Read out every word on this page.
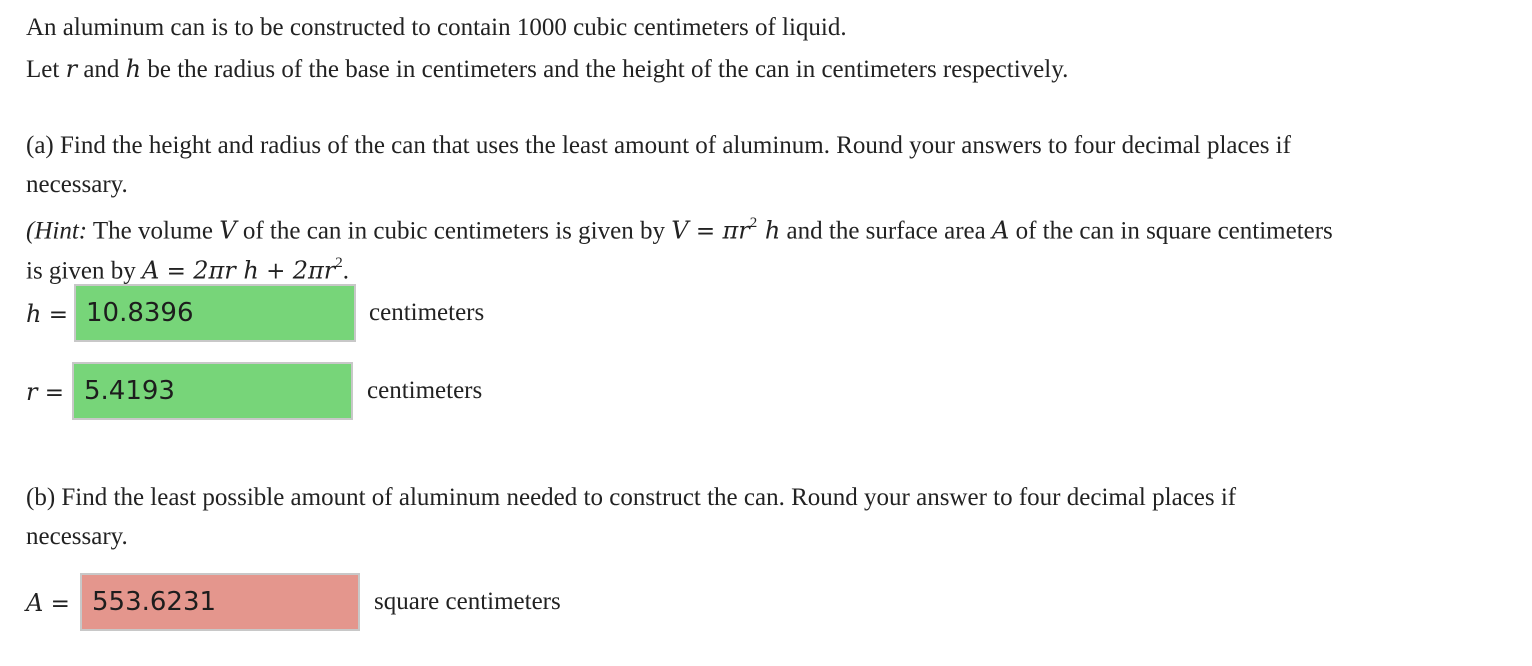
An aluminum can is to be constructed to contain 1000 cubic centimeters of liquid.
Let r and h be the radius of the base in centimeters and the height of the can in centimeters respectively.
(a) Find the height and radius of the can that uses the least amount of aluminum. Round your answers to four decimal places if
necessary.
(Hint: The volume V of the can in cubic centimeters is given by $V = \pi r^2$ h and the surface area A of the can in square centimeters
is given by A = 2πr $h + 2\pi r^2$.
h = 10.8396	centimeters
r = 5.4193	centimeters
(b) Find the least possible amount of aluminum needed to construct the can. Round your answer to four decimal places if
necessary.
A = 553.6231	square centimeters
